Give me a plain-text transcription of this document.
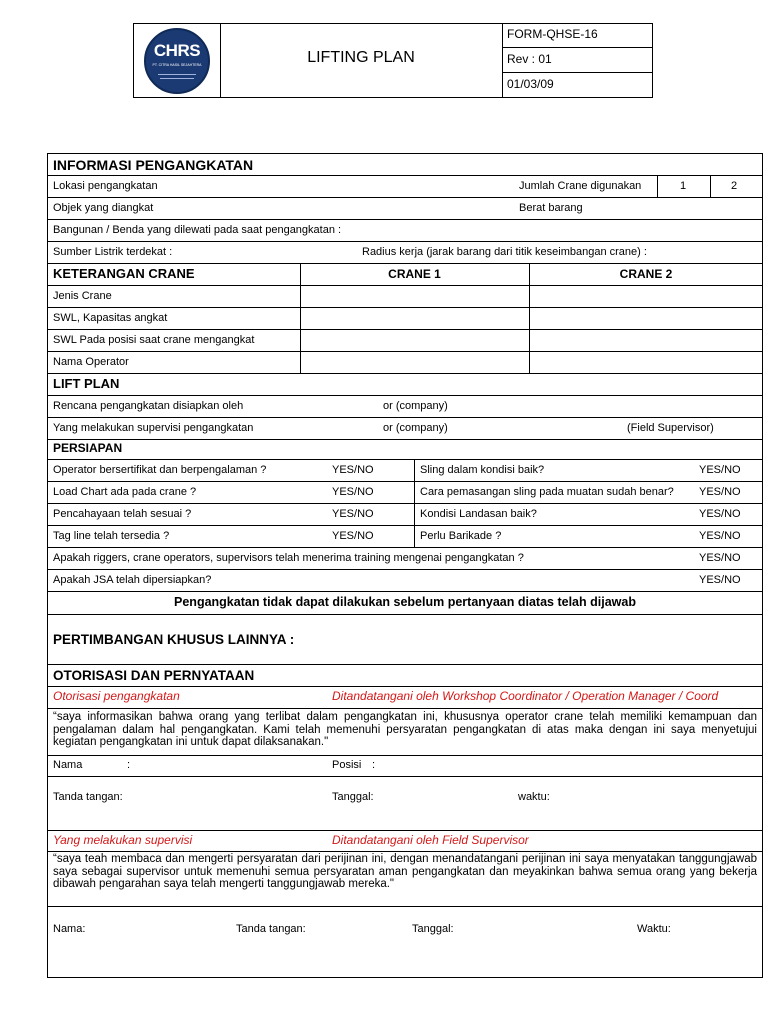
CHRS
PT. CITRA HASIL SEJAHTERA	LIFTING PLAN
FORM-QHSE-16
Rev : 01
01/03/09
INFORMASI PENGANGKATAN
Lokasi pengangkatan	Jumlah Crane digunakan	1	2
Objek yang diangkat	Berat barang
Bangunan / Benda yang dilewati pada saat pengangkatan :
Sumber Listrik terdekat :	Radius kerja (jarak barang dari titik keseimbangan crane) :
KETERANGAN CRANE	CRANE 1	CRANE 2
Jenis Crane
SWL, Kapasitas angkat
SWL Pada posisi saat crane mengangkat
Nama Operator
LIFT PLAN
Rencana pengangkatan disiapkan oleh	or (company)
Yang melakukan supervisi pengangkatan	or (company)	(Field Supervisor)
PERSIAPAN
Operator bersertifikat dan berpengalaman ?	YES/NO	Sling dalam kondisi baik?	YES/NO
Load Chart ada pada crane ?	YES/NO	Cara pemasangan sling pada muatan sudah benar? YES/NO
Pencahayaan telah sesuai ?	YES/NO	Kondisi Landasan baik?	YES/NO
Tag line telah tersedia ?	YES/NO	Perlu Barikade ?	YES/NO
Apakah riggers, crane operators, supervisors telah menerima training mengenai pengangkatan ?	YES/NO
Apakah JSA telah dipersiapkan?	YES/NO
Pengangkatan tidak dapat dilakukan sebelum pertanyaan diatas telah dijawab
PERTIMBANGAN KHUSUS LAINNYA :
OTORISASI DAN PERNYATAAN
Otorisasi pengangkatan	Ditandatangani oleh Workshop Coordinator / Operation Manager / Coord
“saya informasikan bahwa orang yang terlibat dalam pengangkatan ini, khususnya operator crane telah memiliki kemampuan dan pengalaman dalam hal pengangkatan. Kami telah memenuhi persyaratan pengangkatan di atas maka dengan ini saya menyetujui kegiatan pengangkatan ini untuk dapat dilaksanakan."
Nama	:	Posisi :
Tanda tangan:	Tanggal:	waktu:
Yang melakukan supervisi	Ditandatangani oleh Field Supervisor
“saya teah membaca dan mengerti persyaratan dari perijinan ini, dengan menandatangani perijinan ini saya menyatakan tanggungjawab saya sebagai supervisor untuk memenuhi semua persyaratan aman pengangkatan dan meyakinkan bahwa semua orang yang bekerja dibawah pengarahan saya telah mengerti tanggungjawab mereka."
Nama:	Tanda tangan:	Tanggal:	Waktu:
